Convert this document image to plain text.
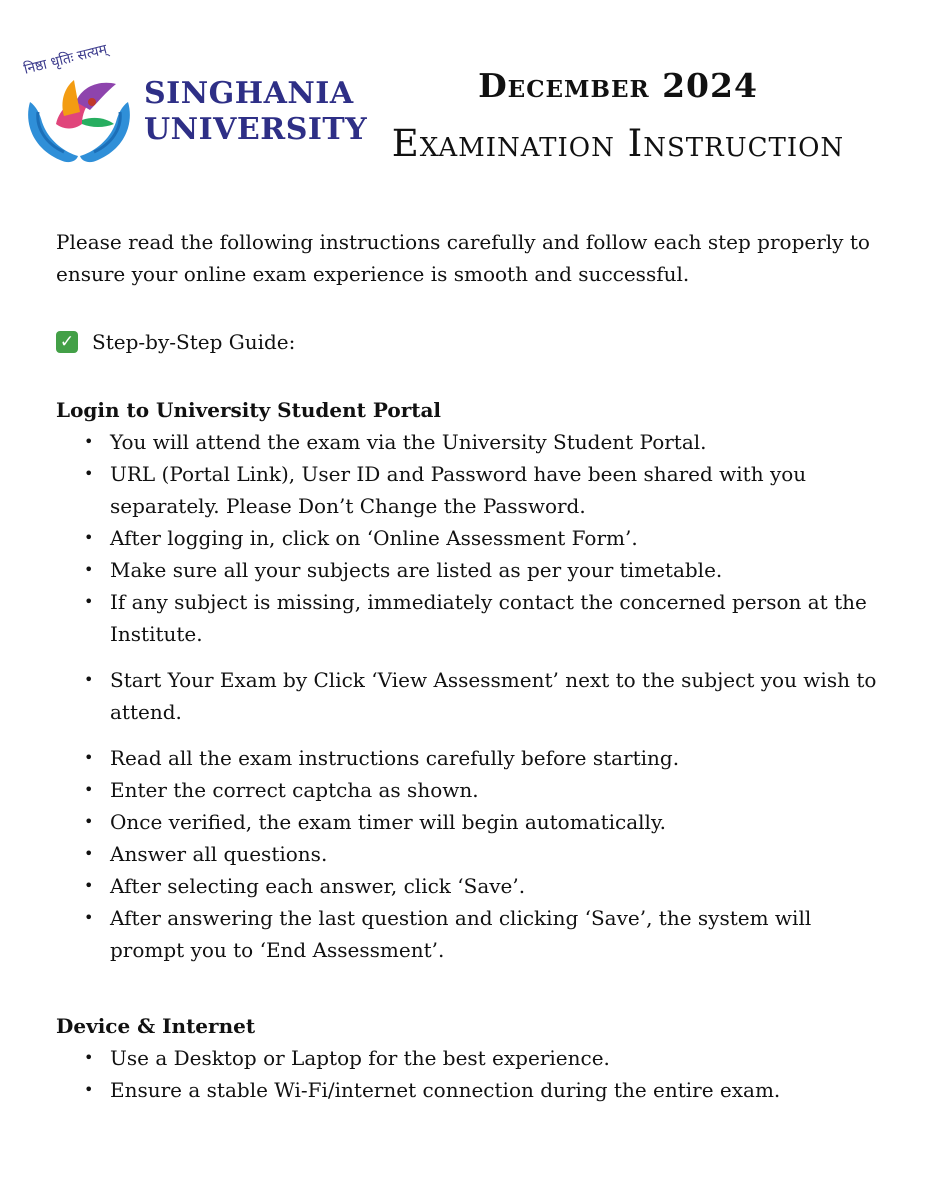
निष्ठा धृतिः सत्यम्
SINGHANIA
UNIVERSITY
December 2024
Examination Instruction

Please read the following instructions carefully and follow each step properly to ensure your online exam experience is smooth and successful.

✓ Step-by-Step Guide:
Login to University Student Portal
• You will attend the exam via the University Student Portal.
• URL (Portal Link), User ID and Password have been shared with you separately. Please Don’t Change the Password.
• After logging in, click on ‘Online Assessment Form’.
• Make sure all your subjects are listed as per your timetable.
• If any subject is missing, immediately contact the concerned person at the Institute.
• Start Your Exam by Click ‘View Assessment’ next to the subject you wish to attend.
• Read all the exam instructions carefully before starting.
• Enter the correct captcha as shown.
• Once verified, the exam timer will begin automatically.
• Answer all questions.
• After selecting each answer, click ‘Save’.
• After answering the last question and clicking ‘Save’, the system will prompt you to ‘End Assessment’.
Device & Internet
• Use a Desktop or Laptop for the best experience.
• Ensure a stable Wi-Fi/internet connection during the entire exam.
